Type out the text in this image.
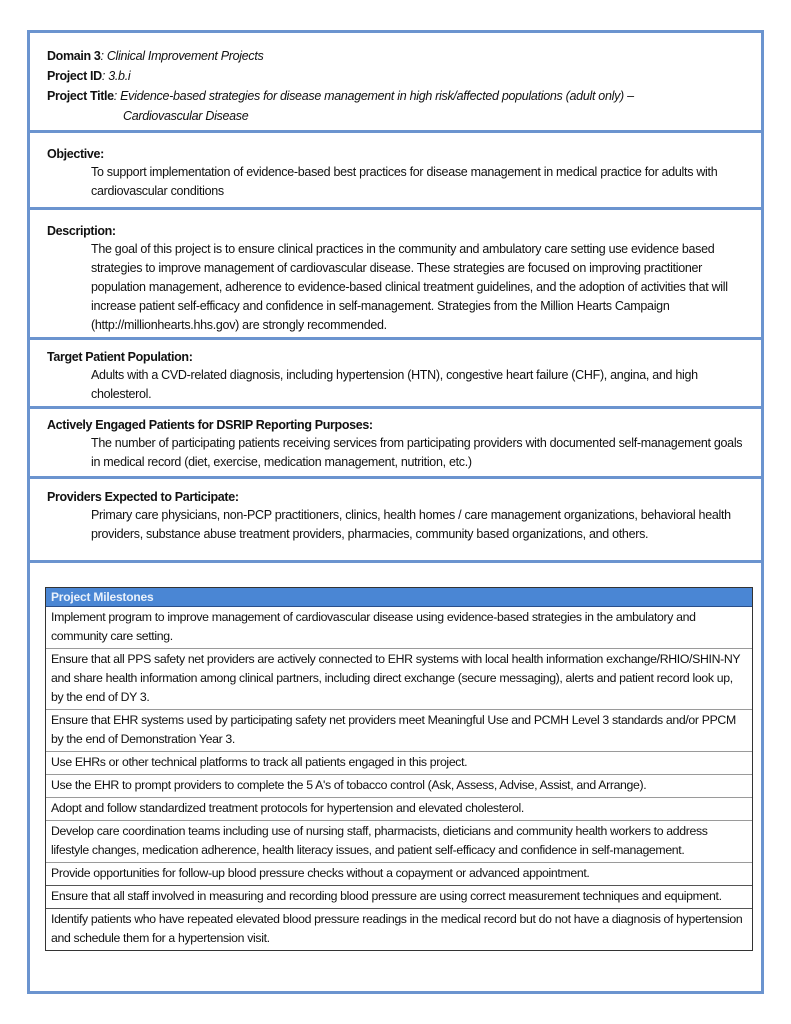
Domain 3: Clinical Improvement Projects
Project ID: 3.b.i
Project Title: Evidence-based strategies for disease management in high risk/affected populations (adult only) –
Cardiovascular Disease
Objective:
To support implementation of evidence-based best practices for disease management in medical practice for adults with cardiovascular conditions
Description:
The goal of this project is to ensure clinical practices in the community and ambulatory care setting use evidence based strategies to improve management of cardiovascular disease. These strategies are focused on improving practitioner population management, adherence to evidence-based clinical treatment guidelines, and the adoption of activities that will increase patient self-efficacy and confidence in self-management. Strategies from the Million Hearts Campaign (http://millionhearts.hhs.gov) are strongly recommended.
Target Patient Population:
Adults with a CVD-related diagnosis, including hypertension (HTN), congestive heart failure (CHF), angina, and high cholesterol.
Actively Engaged Patients for DSRIP Reporting Purposes:
The number of participating patients receiving services from participating providers with documented self-management goals in medical record (diet, exercise, medication management, nutrition, etc.)
Providers Expected to Participate:
Primary care physicians, non-PCP practitioners, clinics, health homes / care management organizations, behavioral health providers, substance abuse treatment providers, pharmacies, community based organizations, and others.
Project Milestones
Implement program to improve management of cardiovascular disease using evidence-based strategies in the ambulatory and community care setting.
Ensure that all PPS safety net providers are actively connected to EHR systems with local health information exchange/RHIO/SHIN-NY and share health information among clinical partners, including direct exchange (secure messaging), alerts and patient record look up, by the end of DY 3.
Ensure that EHR systems used by participating safety net providers meet Meaningful Use and PCMH Level 3 standards and/or PPCM by the end of Demonstration Year 3.
Use EHRs or other technical platforms to track all patients engaged in this project.
Use the EHR to prompt providers to complete the 5 A's of tobacco control (Ask, Assess, Advise, Assist, and Arrange).
Adopt and follow standardized treatment protocols for hypertension and elevated cholesterol.
Develop care coordination teams including use of nursing staff, pharmacists, dieticians and community health workers to address lifestyle changes, medication adherence, health literacy issues, and patient self-efficacy and confidence in self-management.
Provide opportunities for follow-up blood pressure checks without a copayment or advanced appointment.
Ensure that all staff involved in measuring and recording blood pressure are using correct measurement techniques and equipment.
Identify patients who have repeated elevated blood pressure readings in the medical record but do not have a diagnosis of hypertension and schedule them for a hypertension visit.
